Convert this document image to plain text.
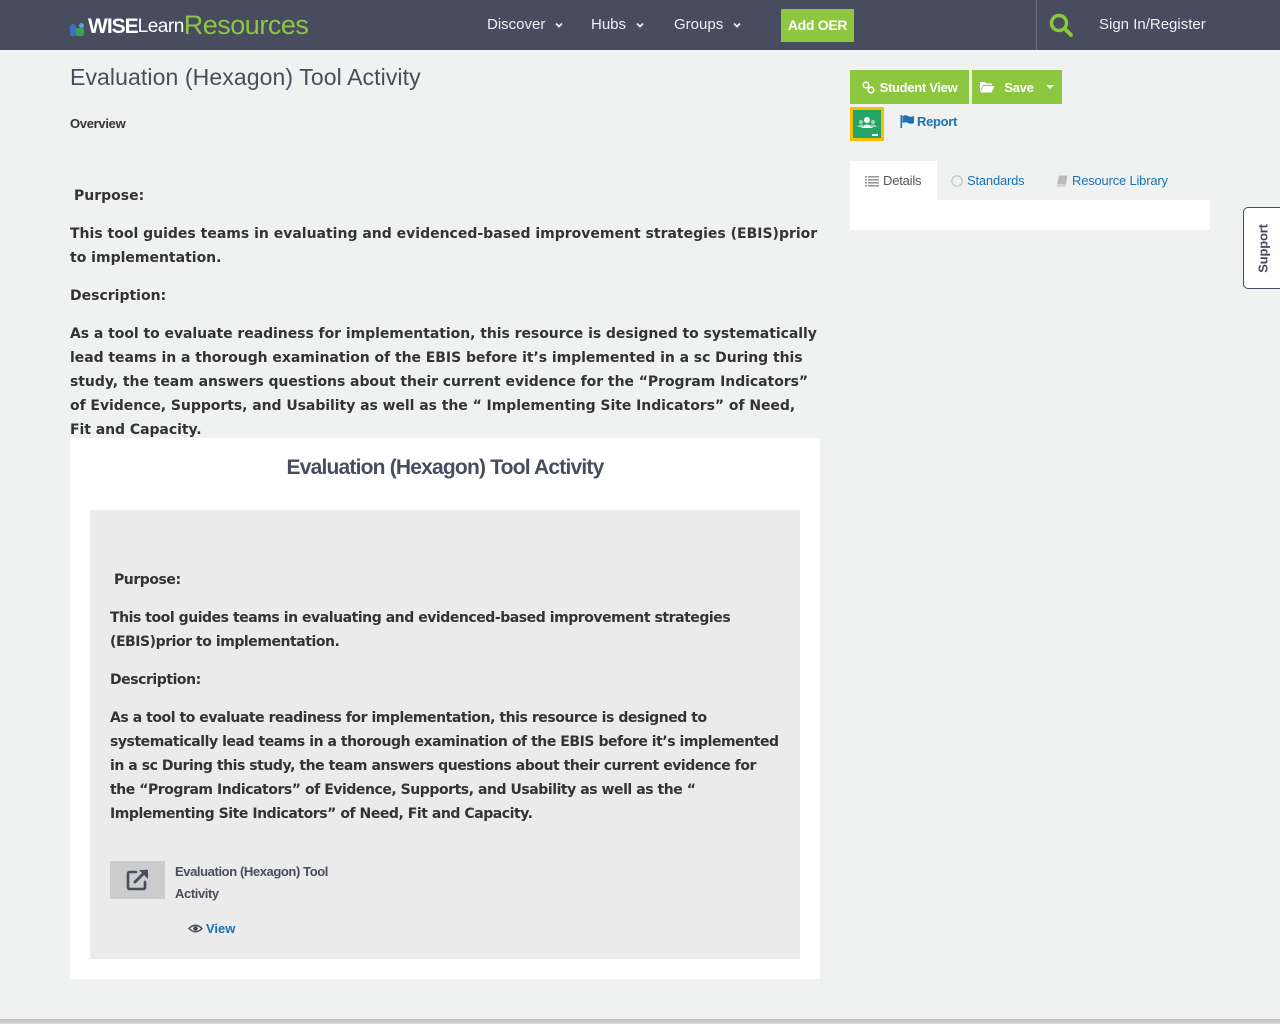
WISE Learn Resources	Discover	Hubs	Groups	Add OER	Sign In/Register
Evaluation (Hexagon) Tool Activity
Overview

Purpose:

This tool guides teams in evaluating and evidenced-based improvement strategies (EBIS)prior to implementation.

Description:

As a tool to evaluate readiness for implementation, this resource is designed to systematically lead teams in a thorough examination of the EBIS before it’s implemented in a sc During this study, the team answers questions about their current evidence for the “Program Indicators” of Evidence, Supports, and Usability as well as the “ Implementing Site Indicators” of Need, Fit and Capacity.

Evaluation (Hexagon) Tool Activity

Purpose:

This tool guides teams in evaluating and evidenced-based improvement strategies (EBIS)prior to implementation.

Description:

As a tool to evaluate readiness for implementation, this resource is designed to systematically lead teams in a thorough examination of the EBIS before it’s implemented in a sc During this study, the team answers questions about their current evidence for the “Program Indicators” of Evidence, Supports, and Usability as well as the “ Implementing Site Indicators” of Need, Fit and Capacity.

Evaluation (Hexagon) Tool Activity
View
Student View	Save
Report
Details	Standards	Resource Library
Support
